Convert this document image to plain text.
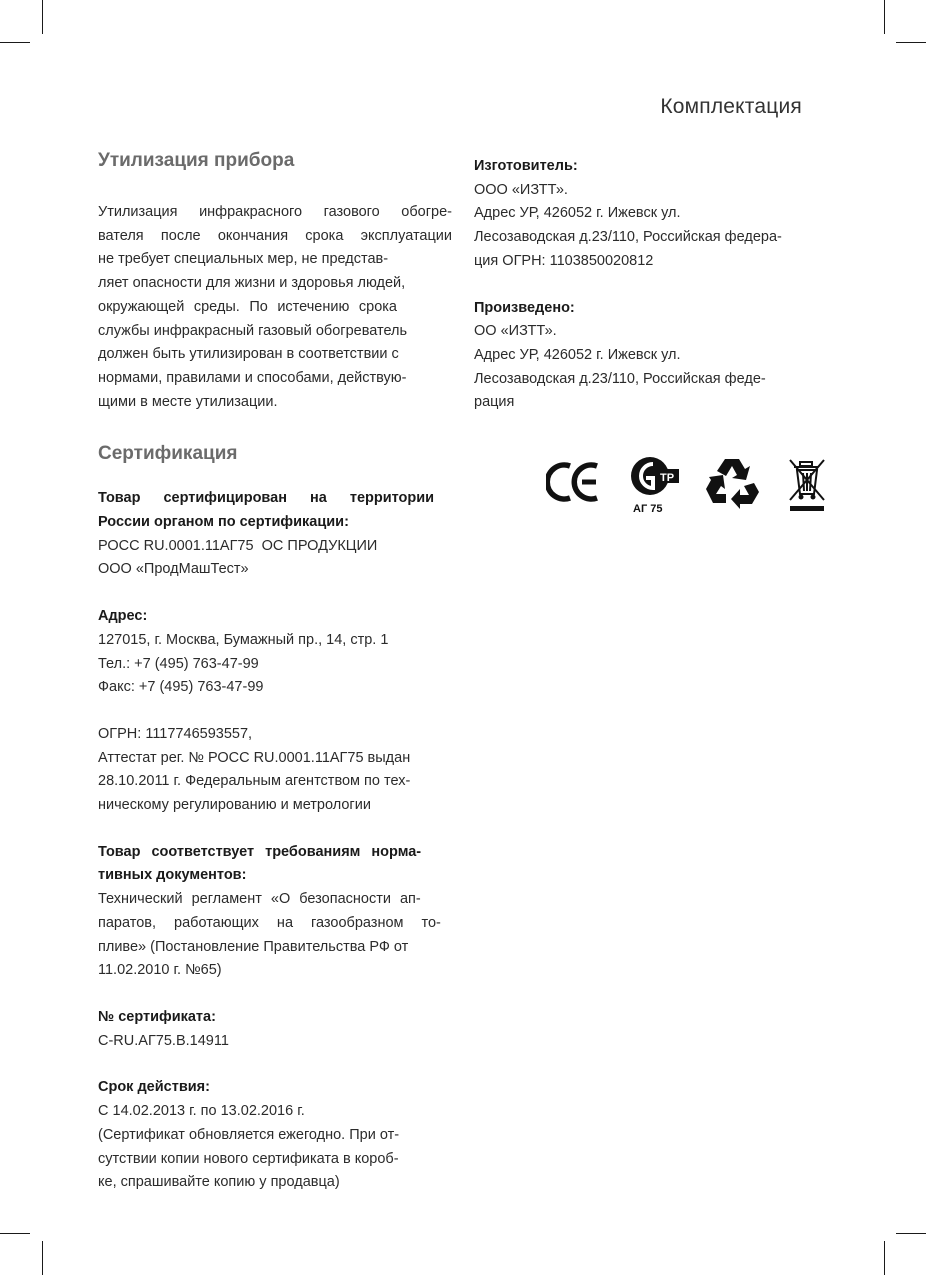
Комплектация
Утилизация прибора

Утилизация инфракрасного газового обогре-

вателя после окончания срока эксплуатации

не требует специальных мер, не представ-

ляет опасности для жизни и здоровья людей,

окружающей среды. По истечению срока

службы инфракрасный газовый обогреватель

должен быть утилизирован в соответствии с

нормами, правилами и способами, действую-

щими в месте утилизации.

Сертификация

Товар сертифицирован на территории

России органом по сертификации:

РОСС RU.0001.11АГ75  ОС ПРОДУКЦИИ

ООО «ПродМашТест»

Адрес:

127015, г. Москва, Бумажный пр., 14, стр. 1

Тел.: +7 (495) 763-47-99

Факс: +7 (495) 763-47-99

ОГРН: 1117746593557,

Аттестат рег. № РОСС RU.0001.11АГ75 выдан

28.10.2011 г. Федеральным агентством по тех-

ническому регулированию и метрологии

Товар соответствует требованиям норма-

тивных документов:

Технический регламент «О безопасности ап-

паратов, работающих на газообразном то-

пливе» (Постановление Правительства РФ от

11.02.2010 г. №65)

№ сертификата:

С-RU.АГ75.В.14911

Срок действия:

С 14.02.2013 г. по 13.02.2016 г.

(Сертификат обновляется ежегодно. При от-

сутствии копии нового сертификата в короб-

ке, спрашивайте копию у продавца)

Изготовитель:

ООО «ИЗТТ».

Адрес УР, 426052 г. Ижевск ул.

Лесозаводская д.23/110, Российская федера-

ция ОГРН: 1103850020812

Произведено:

ОО «ИЗТТ».

Адрес УР, 426052 г. Ижевск ул.

Лесозаводская д.23/110, Российская феде-

рация

ТР
АГ 75
